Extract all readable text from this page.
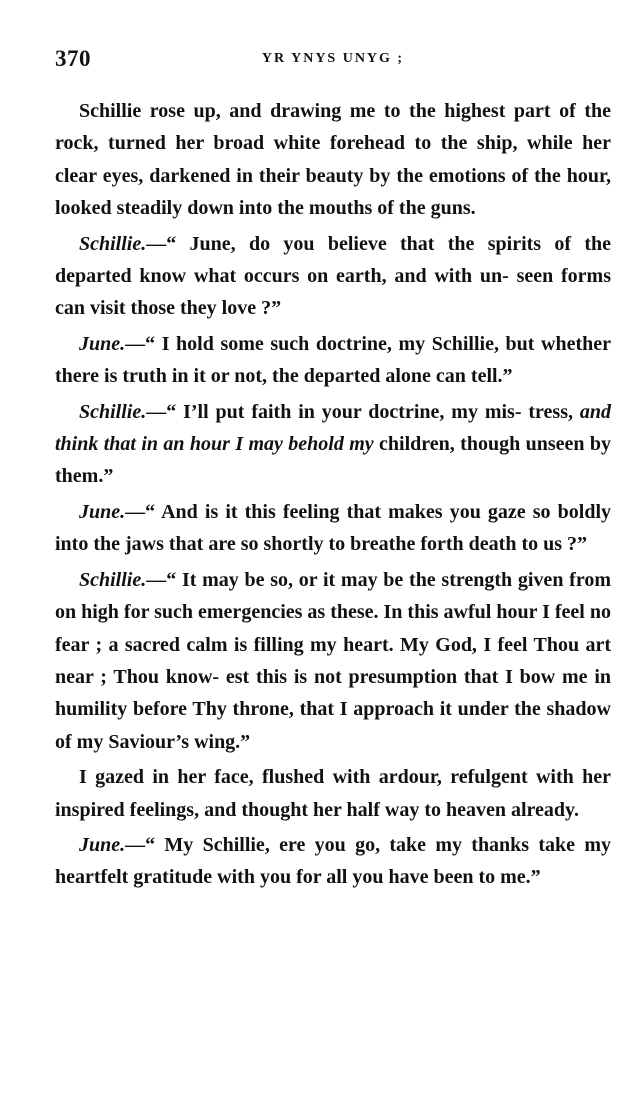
370	YR YNYS UNYG ;

Schillie rose up, and drawing me to the highest part of the rock, turned her broad white forehead to the ship, while her clear eyes, darkened in their beauty by the emotions of the hour, looked steadily down into the mouths of the guns.

Schillie.—“ June, do you believe that the spirits of the departed know what occurs on earth, and with un- seen forms can visit those they love ?”

June.—“ I hold some such doctrine, my Schillie, but whether there is truth in it or not, the departed alone can tell.”

Schillie.—“ I’ll put faith in your doctrine, my mis- tress, and think that in an hour I may behold my children, though unseen by them.”

June.—“ And is it this feeling that makes you gaze so boldly into the jaws that are so shortly to breathe forth death to us ?”

Schillie.—“ It may be so, or it may be the strength given from on high for such emergencies as these. In this awful hour I feel no fear ; a sacred calm is filling my heart. My God, I feel Thou art near ; Thou know- est this is not presumption that I bow me in humility before Thy throne, that I approach it under the shadow of my Saviour’s wing.”

I gazed in her face, flushed with ardour, refulgent with her inspired feelings, and thought her half way to heaven already.

June.—“ My Schillie, ere you go, take my thanks take my heartfelt gratitude with you for all you have been to me.”
